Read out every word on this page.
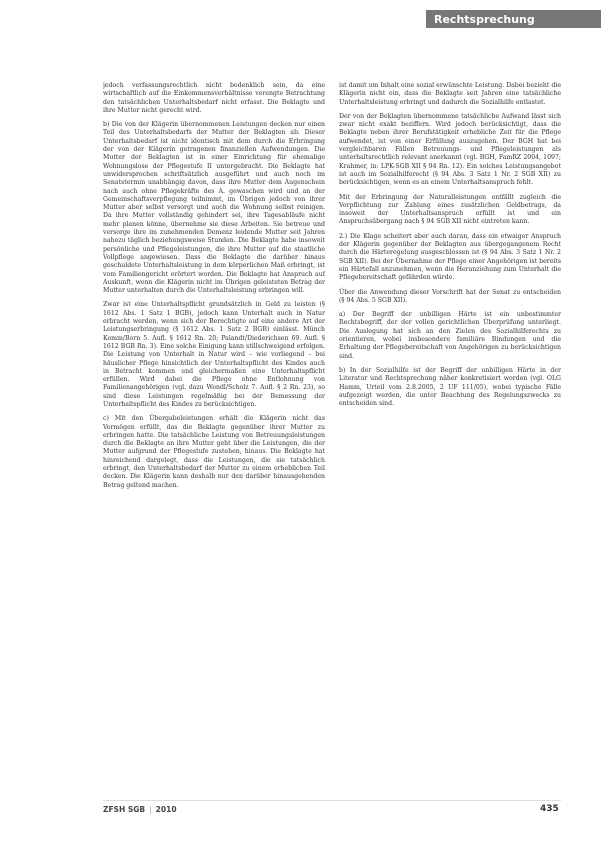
Rechtsprechung

jedoch verfassungsrechtlich nicht bedenklich sein, da eine wirtschaftlich auf die Einkommensverhältnisse verengte Betrachtung den tatsächlichen Unterhaltsbedarf nicht erfasst. Die Beklagte und ihre Mutter nicht gerecht wird.

b) Die von der Klägerin übernommenen Leistungen decken nur einen Teil des Unterhaltsbedarfs der Mutter der Beklagten ab. Dieser Unterhaltsbedarf ist nicht identisch mit dem durch die Erbringung der von der Klägerin getragenen finanziellen Aufwendungen. Die Mutter der Beklagten ist in einer Einrichtung für ehemalige Wohnungslose der Pflegestufe II untergebracht. Die Beklagte hat unwidersprochen schriftsätzlich ausgeführt und auch noch im Senatstermin unabhängig davon, dass ihre Mutter dem Augenschein nach auch ohne Pflegekräfte des A. gewaschen wird und an der Gemeinschaftsverpflegung teilnimmt, im Übrigen jedoch von ihrer Mutter aber selbst versorgt und auch die Wohnung selbst reinigen. Da ihre Mutter vollständig gehindert sei, ihre Tagesabläufe nicht mehr planen könne, übernehme sie diese Arbeiten. Sie betreue und versorge ihre im zunehmenden Demenz leidende Mutter seit Jahren nahezu täglich beziehungsweise Stunden. Die Beklagte habe insoweit persönliche und Pflegeleistungen, die ihre Mutter auf die staatliche Vollpflege angewiesen. Dass die Beklagte die darüber hinaus geschuldete Unterhaltsleistung in dem körperlichen Maß erbringt, ist vom Familiengericht erörtert worden. Die Beklagte hat Anspruch auf Auskunft, wenn die Klägerin nicht im Übrigen geleisteten Betrag der Mutter unterhalten durch die Unterhaltsleistung erbringen will.

Zwar ist eine Unterhaltspflicht grundsätzlich in Geld zu leisten (§ 1612 Abs. 1 Satz 1 BGB), jedoch kann Unterhalt auch in Natur erbracht werden, wenn sich der Berechtigte auf eine andere Art der Leistungserbringung (§ 1612 Abs. 1 Satz 2 BGB) einlässt. Münch Komm/Born 5. Aufl. § 1612 Rn. 20; Palandt/Diederichsen 69. Aufl. § 1612 BGB Rn. 3). Eine solche Einigung kann stillschweigend erfolgen. Die Leistung von Unterhalt in Natur wird – wie vorliegend – bei häuslicher Pflege hinsichtlich der Unterhaltspflicht des Kindes auch in Betracht kommen und gleichermaßen eine Unterhaltspflicht erfüllen. Wird dabei die Pflege ohne Entlohnung von Familienangehörigen (vgl. dazu Wendl/Scholz 7. Aufl. § 2 Rn. 23), so sind diese Leistungen regelmäßig bei der Bemessung der Unterhaltspflicht des Kindes zu berücksichtigen.

c) Mit den Übergabeleistungen erhält die Klägerin nicht das Vermögen erfüllt, das die Beklagte gegenüber ihrer Mutter zu erbringen hatte. Die tatsächliche Leistung von Betreuungsleistungen durch die Beklagte an ihre Mutter geht über die Leistungen, die der Mutter aufgrund der Pflegestufe zustehen, hinaus. Die Beklagte hat hinreichend dargelegt, dass die Leistungen, die sie tatsächlich erbringt, den Unterhaltsbedarf der Mutter zu einem erheblichen Teil decken. Die Klägerin kann deshalb nur den darüber hinausgehenden Betrag geltend machen.

ist damit um Inhalt eine sozial erwünschte Leistung. Dabei bezieht die Klägerin nicht ein, dass die Beklagte seit Jahren eine tatsächliche Unterhaltsleistung erbringt und dadurch die Sozialhilfe entlastet.

Der von der Beklagten übernommene tatsächliche Aufwand lässt sich zwar nicht exakt beziffern. Wird jedoch berücksichtigt, dass die Beklagte neben ihrer Berufstätigkeit erhebliche Zeit für die Pflege aufwendet, ist von einer Erfüllung auszugehen. Der BGH hat bei vergleichbaren Fällen Betreuungs- und Pflegeleistungen als unterhaltsrechtlich relevant anerkannt (vgl. BGH, FamRZ 2004, 1097; Krahmer, in: LPK-SGB XII § 94 Rn. 12). Ein solches Leistungsangebot ist auch im Sozialhilferecht (§ 94 Abs. 3 Satz 1 Nr. 2 SGB XII) zu berücksichtigen, wenn es an einem Unterhaltsanspruch fehlt.

Mit der Erbringung der Naturalleistungen entfällt zugleich die Verpflichtung zur Zahlung eines zusätzlichen Geldbetrags, da insoweit der Unterhaltsanspruch erfüllt ist und ein Anspruchsübergang nach § 94 SGB XII nicht eintreten kann.

2.) Die Klage scheitert aber auch daran, dass ein etwaiger Anspruch der Klägerin gegenüber der Beklagten aus übergegangenem Recht durch die Härteregelung ausgeschlossen ist (§ 94 Abs. 3 Satz 1 Nr. 2 SGB XII). Bei der Übernahme der Pflege einer Angehörigen ist bereits ein Härtefall anzunehmen, wenn die Heranziehung zum Unterhalt die Pflegebereitschaft gefährden würde.

Über die Anwendung dieser Vorschrift hat der Senat zu entscheiden (§ 94 Abs. 5 SGB XII).

a) Der Begriff der unbilligen Härte ist ein unbestimmter Rechtsbegriff, der der vollen gerichtlichen Überprüfung unterliegt. Die Auslegung hat sich an den Zielen des Sozialhilferechts zu orientieren, wobei insbesondere familiäre Bindungen und die Erhaltung der Pflegebereitschaft von Angehörigen zu berücksichtigen sind.

b) In der Sozialhilfe ist der Begriff der unbilligen Härte in der Literatur und Rechtsprechung näher konkretisiert worden (vgl. OLG Hamm, Urteil vom 2.8.2005, 2 UF 111/05), wobei typische Fälle aufgezeigt werden, die unter Beachtung des Regelungszwecks zu entscheiden sind.

ZFSH SGB | 2010	435
